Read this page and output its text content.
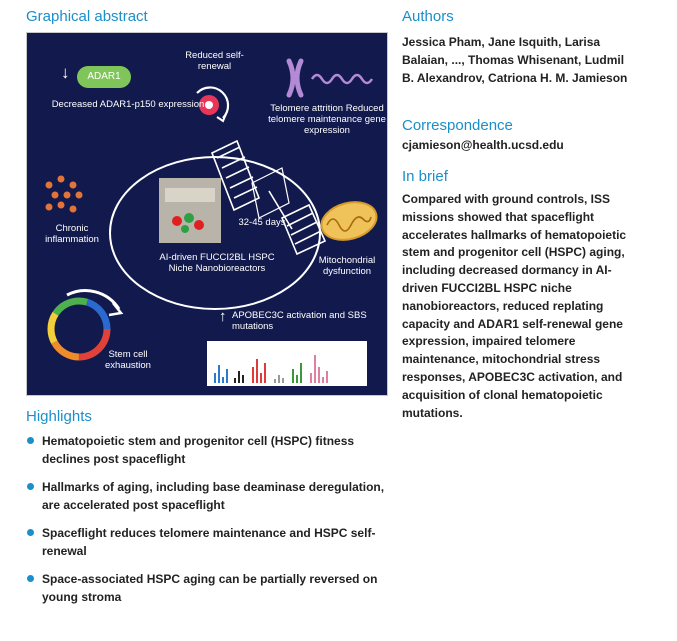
Graphical abstract
↓	ADAR1
Decreased ADAR1-p150 expression
Reduced self-renewal
Telomere attrition Reduced telomere maintenance gene expression
Chronic inflammation
32-45 days
AI-driven FUCCI2BL HSPC Niche Nanobioreactors
Mitochondrial dysfunction
↑ APOBEC3C activation and SBS mutations
Stem cell exhaustion
Authors
Jessica Pham, Jane Isquith, Larisa Balaian, ..., Thomas Whisenant, Ludmil B. Alexandrov, Catriona H. M. Jamieson
Correspondence
cjamieson@health.ucsd.edu
In brief
Compared with ground controls, ISS missions showed that spaceflight accelerates hallmarks of hematopoietic stem and progenitor cell (HSPC) aging, including decreased dormancy in AI-driven FUCCI2BL HSPC niche nanobioreactors, reduced replating capacity and ADAR1 self-renewal gene expression, impaired telomere maintenance, mitochondrial stress responses, APOBEC3C activation, and acquisition of clonal hematopoietic mutations.
Highlights
Hematopoietic stem and progenitor cell (HSPC) fitness declines post spaceflight
Hallmarks of aging, including base deaminase deregulation, are accelerated post spaceflight
Spaceflight reduces telomere maintenance and HSPC self-renewal
Space-associated HSPC aging can be partially reversed on young stroma
